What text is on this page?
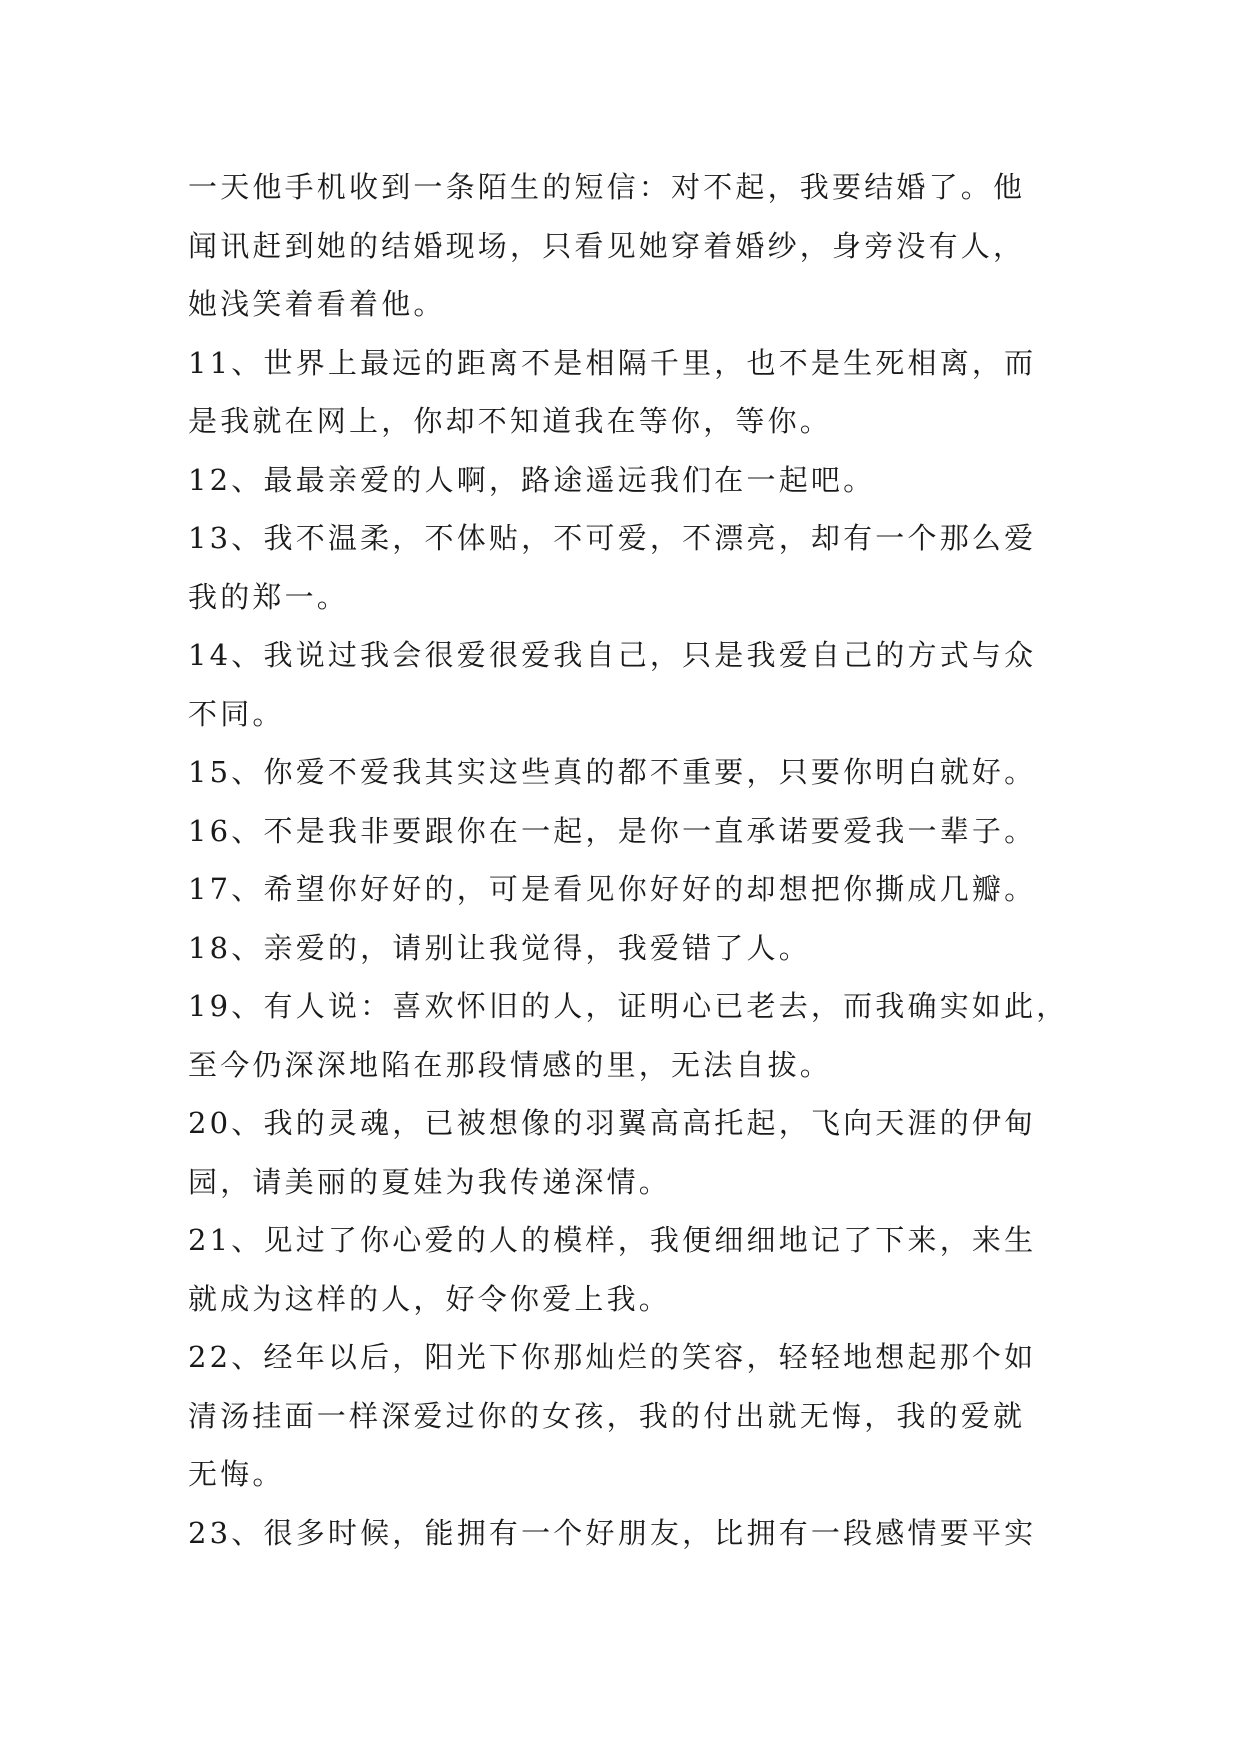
一天他手机收到一条陌生的短信：对不起，我要结婚了。他
闻讯赶到她的结婚现场，只看见她穿着婚纱，身旁没有人，
她浅笑着看着他。
11、世界上最远的距离不是相隔千里，也不是生死相离，而
是我就在网上，你却不知道我在等你，等你。
12、最最亲爱的人啊，路途遥远我们在一起吧。
13、我不温柔，不体贴，不可爱，不漂亮，却有一个那么爱
我的郑一。
14、我说过我会很爱很爱我自己，只是我爱自己的方式与众
不同。
15、你爱不爱我其实这些真的都不重要，只要你明白就好。
16、不是我非要跟你在一起，是你一直承诺要爱我一辈子。
17、希望你好好的，可是看见你好好的却想把你撕成几瓣。
18、亲爱的，请别让我觉得，我爱错了人。
19、有人说：喜欢怀旧的人，证明心已老去，而我确实如此，
至今仍深深地陷在那段情感的里，无法自拔。
20、我的灵魂，已被想像的羽翼高高托起，飞向天涯的伊甸
园，请美丽的夏娃为我传递深情。
21、见过了你心爱的人的模样，我便细细地记了下来，来生
就成为这样的人，好令你爱上我。
22、经年以后，阳光下你那灿烂的笑容，轻轻地想起那个如
清汤挂面一样深爱过你的女孩，我的付出就无悔，我的爱就
无悔。
23、很多时候，能拥有一个好朋友，比拥有一段感情要平实
